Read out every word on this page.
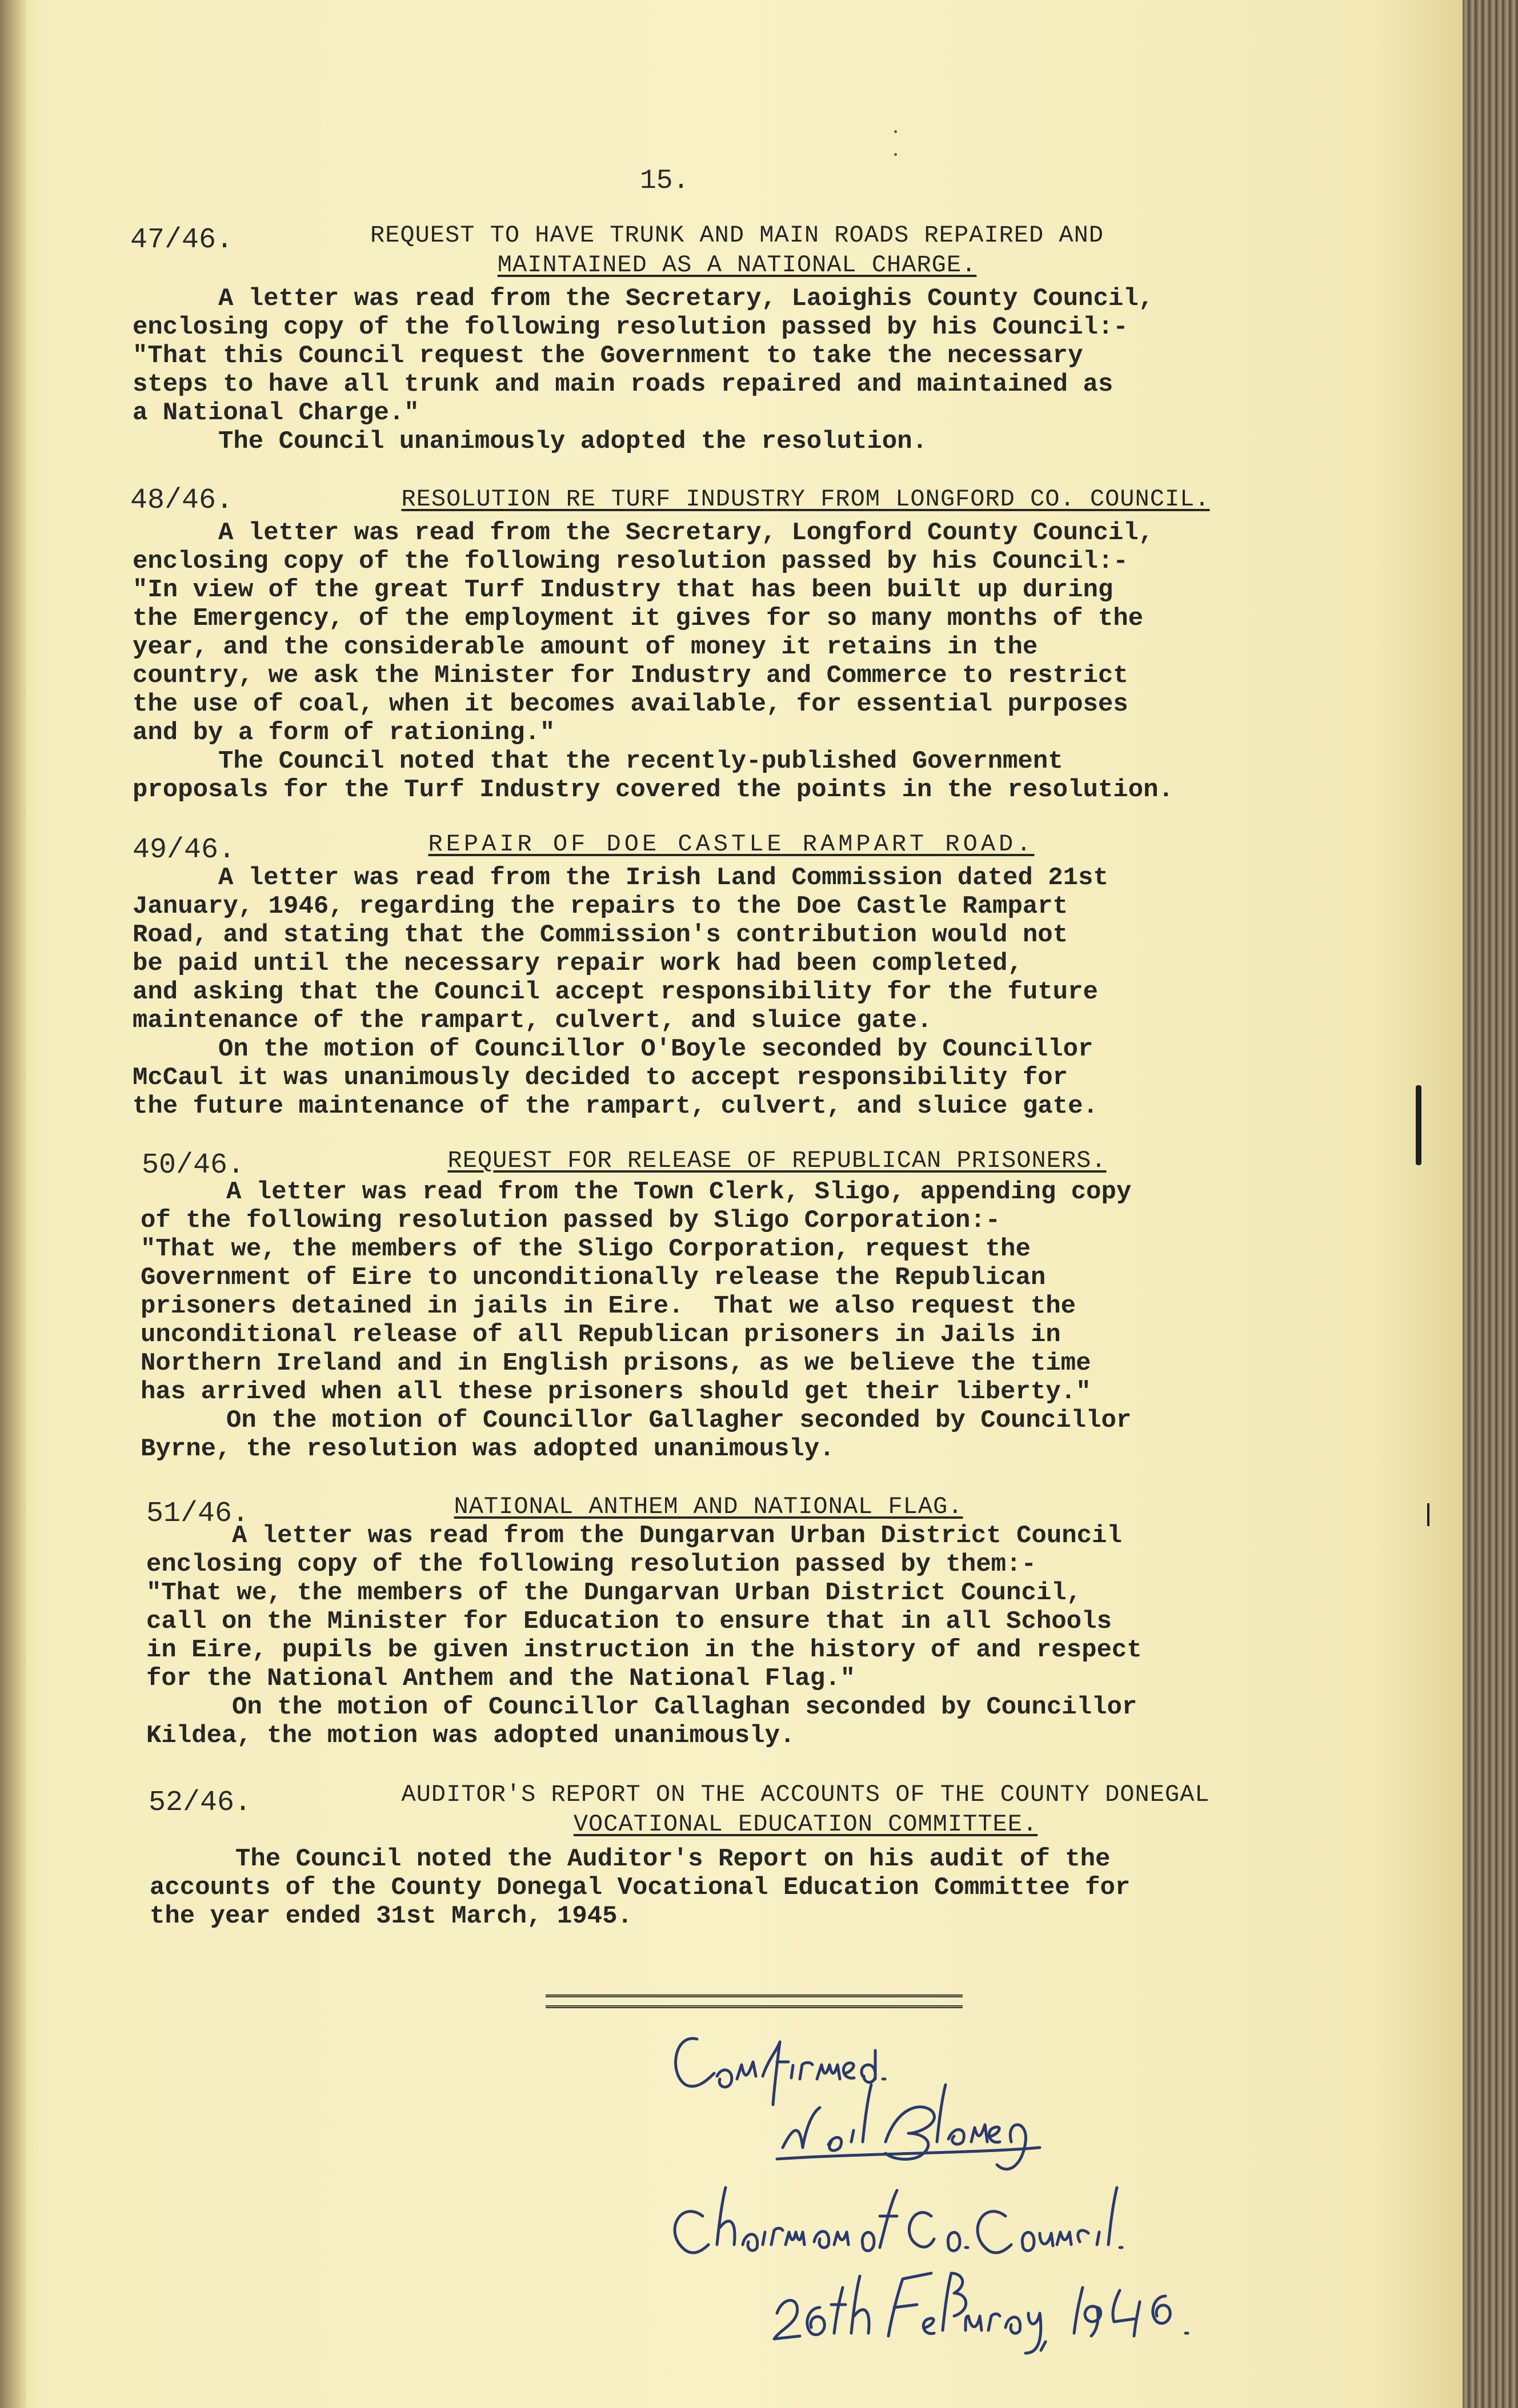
15.
47/46.	REQUEST TO HAVE TRUNK AND MAIN ROADS REPAIRED AND
MAINTAINED AS A NATIONAL CHARGE.
A letter was read from the Secretary, Laoighis County Council,
enclosing copy of the following resolution passed by his Council:-
"That this Council request the Government to take the necessary
steps to have all trunk and main roads repaired and maintained as
a National Charge."
The Council unanimously adopted the resolution.
48/46.	RESOLUTION RE TURF INDUSTRY FROM LONGFORD CO. COUNCIL.
A letter was read from the Secretary, Longford County Council,
enclosing copy of the following resolution passed by his Council:-
"In view of the great Turf Industry that has been built up during
the Emergency, of the employment it gives for so many months of the
year, and the considerable amount of money it retains in the
country, we ask the Minister for Industry and Commerce to restrict
the use of coal, when it becomes available, for essential purposes
and by a form of rationing."
The Council noted that the recently-published Government
proposals for the Turf Industry covered the points in the resolution.
49/46.	REPAIR OF DOE CASTLE RAMPART ROAD.
A letter was read from the Irish Land Commission dated 21st
January, 1946, regarding the repairs to the Doe Castle Rampart
Road, and stating that the Commission's contribution would not
be paid until the necessary repair work had been completed,
and asking that the Council accept responsibility for the future
maintenance of the rampart, culvert, and sluice gate.
On the motion of Councillor O'Boyle seconded by Councillor
McCaul it was unanimously decided to accept responsibility for
the future maintenance of the rampart, culvert, and sluice gate.
50/46.	REQUEST FOR RELEASE OF REPUBLICAN PRISONERS.
A letter was read from the Town Clerk, Sligo, appending copy
of the following resolution passed by Sligo Corporation:-
"That we, the members of the Sligo Corporation, request the
Government of Eire to unconditionally release the Republican
prisoners detained in jails in Eire.  That we also request the
unconditional release of all Republican prisoners in Jails in
Northern Ireland and in English prisons, as we believe the time
has arrived when all these prisoners should get their liberty."
On the motion of Councillor Gallagher seconded by Councillor
Byrne, the resolution was adopted unanimously.
51/46.	NATIONAL ANTHEM AND NATIONAL FLAG.
A letter was read from the Dungarvan Urban District Council
enclosing copy of the following resolution passed by them:-
"That we, the members of the Dungarvan Urban District Council,
call on the Minister for Education to ensure that in all Schools
in Eire, pupils be given instruction in the history of and respect
for the National Anthem and the National Flag."
On the motion of Councillor Callaghan seconded by Councillor
Kildea, the motion was adopted unanimously.
52/46.	AUDITOR'S REPORT ON THE ACCOUNTS OF THE COUNTY DONEGAL
VOCATIONAL EDUCATION COMMITTEE.
The Council noted the Auditor's Report on his audit of the
accounts of the County Donegal Vocational Education Committee for
the year ended 31st March, 1945.
